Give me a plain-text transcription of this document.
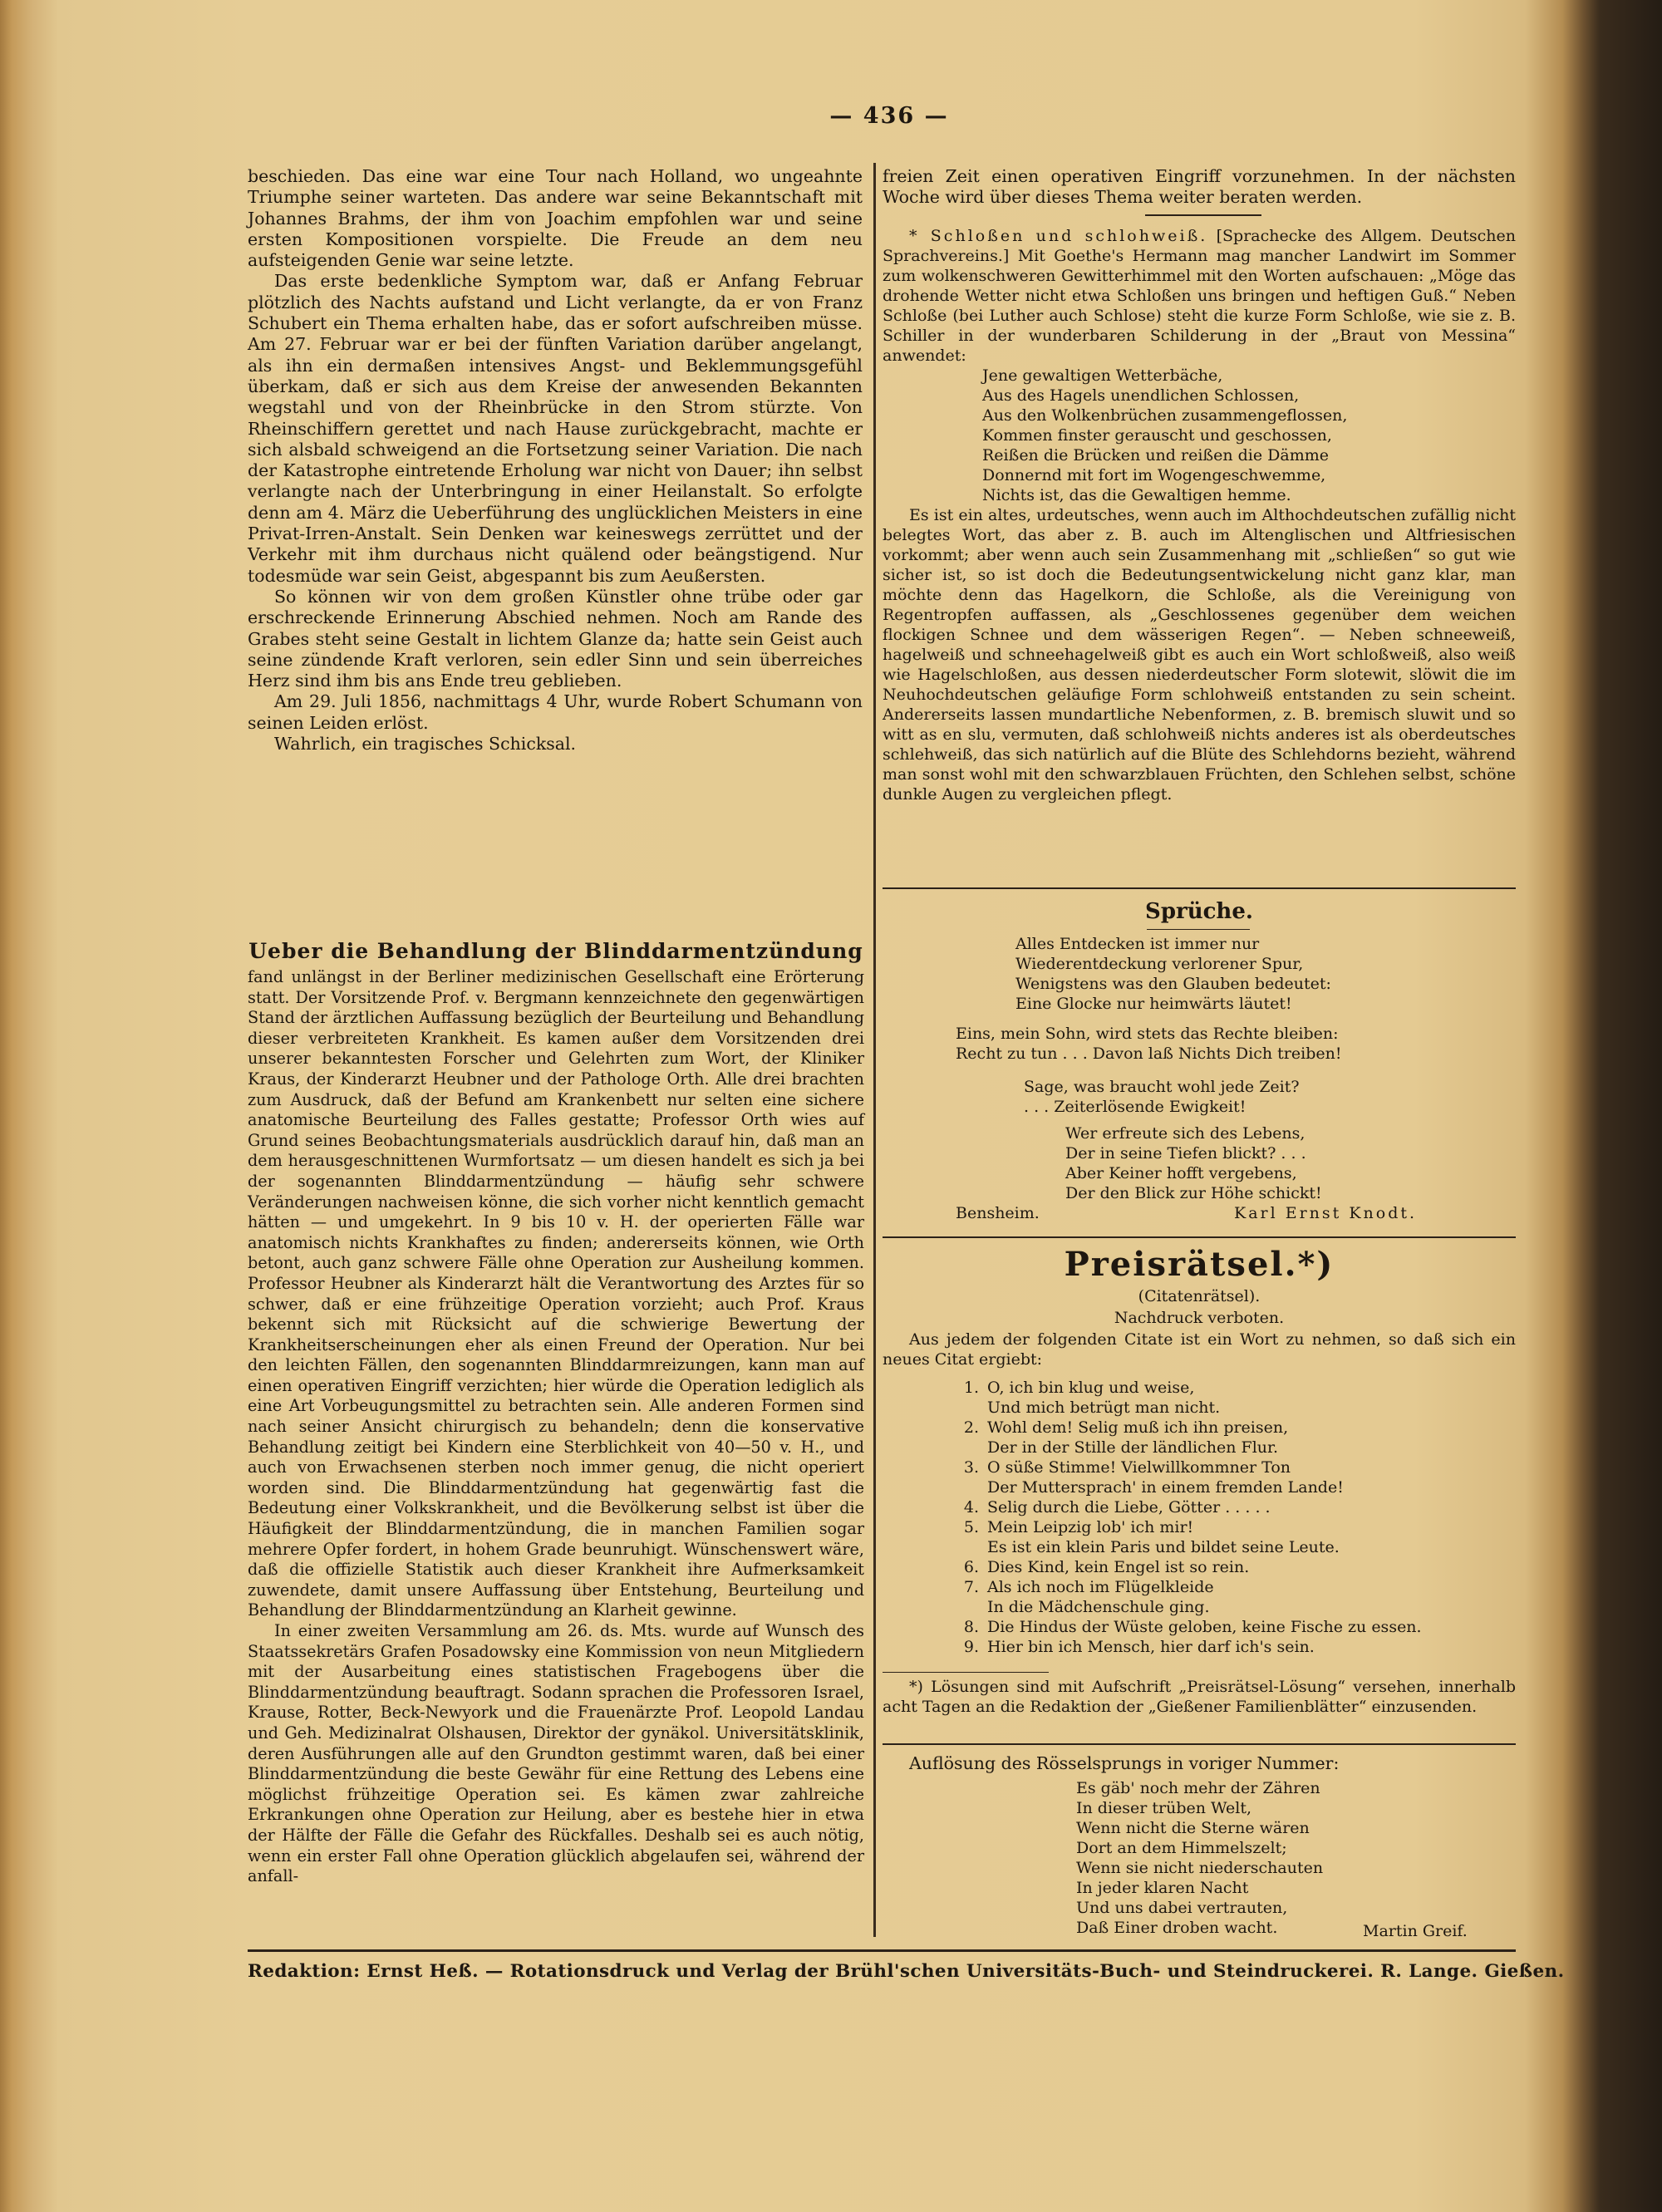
— 436 —

beschieden. Das eine war eine Tour nach Holland, wo ungeahnte Triumphe seiner warteten. Das andere war seine Bekanntschaft mit Johannes Brahms, der ihm von Joachim empfohlen war und seine ersten Kompositionen vorspielte. Die Freude an dem neu aufsteigenden Genie war seine letzte.

Das erste bedenkliche Symptom war, daß er Anfang Februar plötzlich des Nachts aufstand und Licht verlangte, da er von Franz Schubert ein Thema erhalten habe, das er sofort aufschreiben müsse. Am 27. Februar war er bei der fünften Variation darüber angelangt, als ihn ein dermaßen intensives Angst- und Beklemmungsgefühl überkam, daß er sich aus dem Kreise der anwesenden Bekannten wegstahl und von der Rheinbrücke in den Strom stürzte. Von Rheinschiffern gerettet und nach Hause zurückgebracht, machte er sich alsbald schweigend an die Fortsetzung seiner Variation. Die nach der Katastrophe eintretende Erholung war nicht von Dauer; ihn selbst verlangte nach der Unterbringung in einer Heilanstalt. So erfolgte denn am 4. März die Ueberführung des unglücklichen Meisters in eine Privat-Irren-Anstalt. Sein Denken war keineswegs zerrüttet und der Verkehr mit ihm durchaus nicht quälend oder beängstigend. Nur todesmüde war sein Geist, abgespannt bis zum Aeußersten.

So können wir von dem großen Künstler ohne trübe oder gar erschreckende Erinnerung Abschied nehmen. Noch am Rande des Grabes steht seine Gestalt in lichtem Glanze da; hatte sein Geist auch seine zündende Kraft verloren, sein edler Sinn und sein überreiches Herz sind ihm bis ans Ende treu geblieben.

Am 29. Juli 1856, nachmittags 4 Uhr, wurde Robert Schumann von seinen Leiden erlöst.

Wahrlich, ein tragisches Schicksal.

Ueber die Behandlung der Blinddarmentzündung

fand unlängst in der Berliner medizinischen Gesellschaft eine Erörterung statt. Der Vorsitzende Prof. v. Bergmann kennzeichnete den gegenwärtigen Stand der ärztlichen Auffassung bezüglich der Beurteilung und Behandlung dieser verbreiteten Krankheit. Es kamen außer dem Vorsitzenden drei unserer bekanntesten Forscher und Gelehrten zum Wort, der Kliniker Kraus, der Kinderarzt Heubner und der Pathologe Orth. Alle drei brachten zum Ausdruck, daß der Befund am Krankenbett nur selten eine sichere anatomische Beurteilung des Falles gestatte; Professor Orth wies auf Grund seines Beobachtungsmaterials ausdrücklich darauf hin, daß man an dem herausgeschnittenen Wurmfortsatz — um diesen handelt es sich ja bei der sogenannten Blinddarmentzündung — häufig sehr schwere Veränderungen nachweisen könne, die sich vorher nicht kenntlich gemacht hätten — und umgekehrt. In 9 bis 10 v. H. der operierten Fälle war anatomisch nichts Krankhaftes zu finden; andererseits können, wie Orth betont, auch ganz schwere Fälle ohne Operation zur Ausheilung kommen. Professor Heubner als Kinderarzt hält die Verantwortung des Arztes für so schwer, daß er eine frühzeitige Operation vorzieht; auch Prof. Kraus bekennt sich mit Rücksicht auf die schwierige Bewertung der Krankheitserscheinungen eher als einen Freund der Operation. Nur bei den leichten Fällen, den sogenannten Blinddarmreizungen, kann man auf einen operativen Eingriff verzichten; hier würde die Operation lediglich als eine Art Vorbeugungsmittel zu betrachten sein. Alle anderen Formen sind nach seiner Ansicht chirurgisch zu behandeln; denn die konservative Behandlung zeitigt bei Kindern eine Sterblichkeit von 40—50 v. H., und auch von Erwachsenen sterben noch immer genug, die nicht operiert worden sind. Die Blinddarmentzündung hat gegenwärtig fast die Bedeutung einer Volkskrankheit, und die Bevölkerung selbst ist über die Häufigkeit der Blinddarmentzündung, die in manchen Familien sogar mehrere Opfer fordert, in hohem Grade beunruhigt. Wünschenswert wäre, daß die offizielle Statistik auch dieser Krankheit ihre Aufmerksamkeit zuwendete, damit unsere Auffassung über Entstehung, Beurteilung und Behandlung der Blinddarmentzündung an Klarheit gewinne.

In einer zweiten Versammlung am 26. ds. Mts. wurde auf Wunsch des Staatssekretärs Grafen Posadowsky eine Kommission von neun Mitgliedern mit der Ausarbeitung eines statistischen Fragebogens über die Blinddarmentzündung beauftragt. Sodann sprachen die Professoren Israel, Krause, Rotter, Beck-Newyork und die Frauenärzte Prof. Leopold Landau und Geh. Medizinalrat Olshausen, Direktor der gynäkol. Universitätsklinik, deren Ausführungen alle auf den Grundton gestimmt waren, daß bei einer Blinddarmentzündung die beste Gewähr für eine Rettung des Lebens eine möglichst frühzeitige Operation sei. Es kämen zwar zahlreiche Erkrankungen ohne Operation zur Heilung, aber es bestehe hier in etwa der Hälfte der Fälle die Gefahr des Rückfalles. Deshalb sei es auch nötig, wenn ein erster Fall ohne Operation glücklich abgelaufen sei, während der anfall-

freien Zeit einen operativen Eingriff vorzunehmen. In der nächsten Woche wird über dieses Thema weiter beraten werden.

* Schloßen und schlohweiß. [Sprachecke des Allgem. Deutschen Sprachvereins.] Mit Goethe's Hermann mag mancher Landwirt im Sommer zum wolkenschweren Gewitterhimmel mit den Worten aufschauen: „Möge das drohende Wetter nicht etwa Schloßen uns bringen und heftigen Guß.“ Neben Schloße (bei Luther auch Schlose) steht die kurze Form Schloße, wie sie z. B. Schiller in der wunderbaren Schilderung in der „Braut von Messina“ anwendet:

Jene gewaltigen Wetterbäche,

Aus des Hagels unendlichen Schlossen,

Aus den Wolkenbrüchen zusammengeflossen,

Kommen finster gerauscht und geschossen,

Reißen die Brücken und reißen die Dämme

Donnernd mit fort im Wogengeschwemme,

Nichts ist, das die Gewaltigen hemme.

Es ist ein altes, urdeutsches, wenn auch im Althochdeutschen zufällig nicht belegtes Wort, das aber z. B. auch im Altenglischen und Altfriesischen vorkommt; aber wenn auch sein Zusammenhang mit „schließen“ so gut wie sicher ist, so ist doch die Bedeutungsentwickelung nicht ganz klar, man möchte denn das Hagelkorn, die Schloße, als die Vereinigung von Regentropfen auffassen, als „Geschlossenes gegenüber dem weichen flockigen Schnee und dem wässerigen Regen“. — Neben schneeweiß, hagelweiß und schneehagelweiß gibt es auch ein Wort schloßweiß, also weiß wie Hagelschloßen, aus dessen niederdeutscher Form slotewit, slöwit die im Neuhochdeutschen geläufige Form schlohweiß entstanden zu sein scheint. Andererseits lassen mundartliche Nebenformen, z. B. bremisch sluwit und so witt as en slu, vermuten, daß schlohweiß nichts anderes ist als oberdeutsches schlehweiß, das sich natürlich auf die Blüte des Schlehdorns bezieht, während man sonst wohl mit den schwarzblauen Früchten, den Schlehen selbst, schöne dunkle Augen zu vergleichen pflegt.

Sprüche.

Alles Entdecken ist immer nur

Wiederentdeckung verlorener Spur,

Wenigstens was den Glauben bedeutet:

Eine Glocke nur heimwärts läutet!

Eins, mein Sohn, wird stets das Rechte bleiben:

Recht zu tun . . . Davon laß Nichts Dich treiben!

Sage, was braucht wohl jede Zeit?

. . . Zeiterlösende Ewigkeit!

Wer erfreute sich des Lebens,

Der in seine Tiefen blickt? . . .

Aber Keiner hofft vergebens,

Der den Blick zur Höhe schickt!

Bensheim.	Karl Ernst Knodt.
Preisrätsel.*)
(Citatenrätsel).
Nachdruck verboten.

Aus jedem der folgenden Citate ist ein Wort zu nehmen, so daß sich ein neues Citat ergiebt:

1. O, ich bin klug und weise,

Und mich betrügt man nicht.

2. Wohl dem! Selig muß ich ihn preisen,

Der in der Stille der ländlichen Flur.

3. O süße Stimme! Vielwillkommner Ton

Der Muttersprach' in einem fremden Lande!

4. Selig durch die Liebe, Götter . . . . .

5. Mein Leipzig lob' ich mir!

Es ist ein klein Paris und bildet seine Leute.

6. Dies Kind, kein Engel ist so rein.

7. Als ich noch im Flügelkleide

In die Mädchenschule ging.

8. Die Hindus der Wüste geloben, keine Fische zu essen.

9. Hier bin ich Mensch, hier darf ich's sein.

*) Lösungen sind mit Aufschrift „Preisrätsel-Lösung“ versehen, innerhalb acht Tagen an die Redaktion der „Gießener Familienblätter“ einzusenden.

Auflösung des Rösselsprungs in voriger Nummer:

Es gäb' noch mehr der Zähren

In dieser trüben Welt,

Wenn nicht die Sterne wären

Dort an dem Himmelszelt;

Wenn sie nicht niederschauten

In jeder klaren Nacht

Und uns dabei vertrauten,

Daß Einer droben wacht.	Martin Greif.
Redaktion: Ernst Heß. — Rotationsdruck und Verlag der Brühl'schen Universitäts-Buch- und Steindruckerei. R. Lange. Gießen.
